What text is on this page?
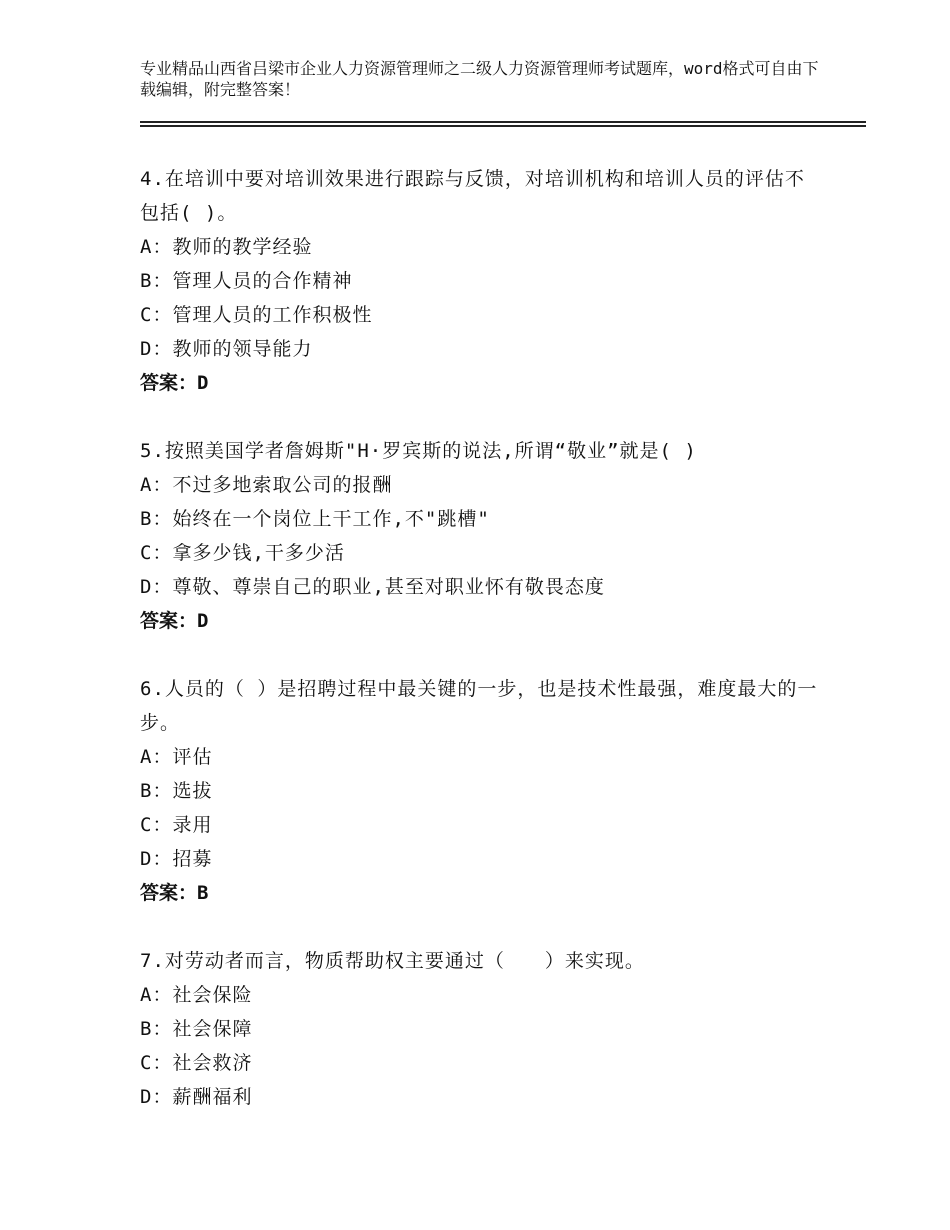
专业精品山西省吕梁市企业人力资源管理师之二级人力资源管理师考试题库，word格式可自由下载编辑，附完整答案！
4.在培训中要对培训效果进行跟踪与反馈，对培训机构和培训人员的评估不包括( )。
A：教师的教学经验
B：管理人员的合作精神
C：管理人员的工作积极性
D：教师的领导能力
答案：D
5.按照美国学者詹姆斯"H·罗宾斯的说法,所谓“敬业”就是( )
A：不过多地索取公司的报酬
B：始终在一个岗位上干工作,不"跳槽"
C：拿多少钱,干多少活
D：尊敬、尊崇自己的职业,甚至对职业怀有敬畏态度
答案：D
6.人员的（ ）是招聘过程中最关键的一步，也是技术性最强，难度最大的一步。
A：评估
B：选拔
C：录用
D：招募
答案：B
7.对劳动者而言，物质帮助权主要通过（　　）来实现。
A：社会保险
B：社会保障
C：社会救济
D：薪酬福利
